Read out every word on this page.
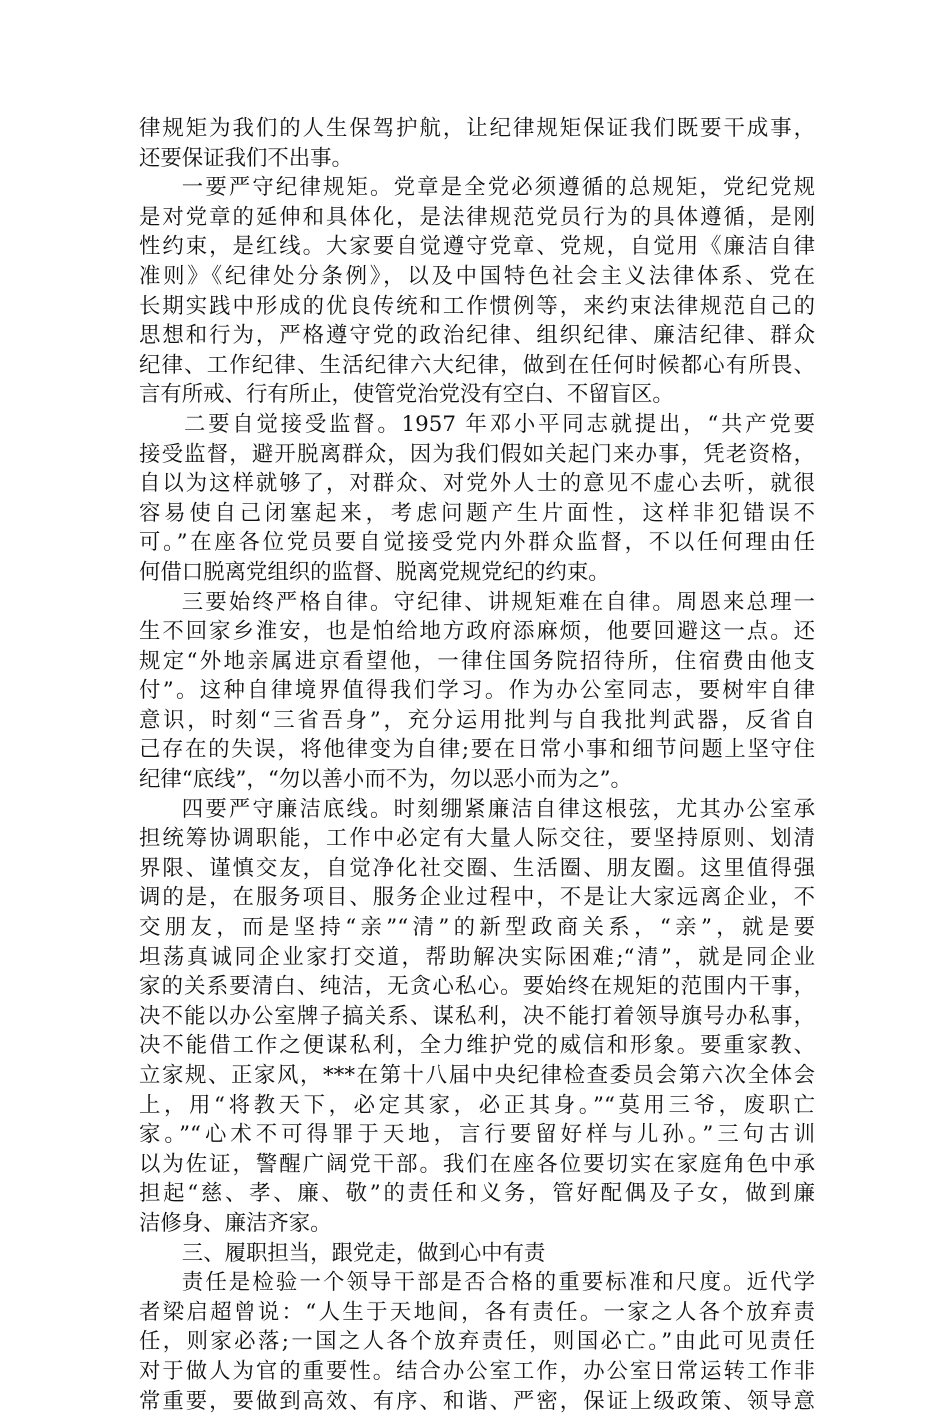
律规矩为我们的人生保驾护航，让纪律规矩保证我们既要干成事，
还要保证我们不出事。
一要严守纪律规矩。党章是全党必须遵循的总规矩，党纪党规
是对党章的延伸和具体化，是法律规范党员行为的具体遵循，是刚
性约束，是红线。大家要自觉遵守党章、党规，自觉用《廉洁自律
准则》《纪律处分条例》，以及中国特色社会主义法律体系、党在
长期实践中形成的优良传统和工作惯例等，来约束法律规范自己的
思想和行为，严格遵守党的政治纪律、组织纪律、廉洁纪律、群众
纪律、工作纪律、生活纪律六大纪律，做到在任何时候都心有所畏、
言有所戒、行有所止，使管党治党没有空白、不留盲区。
二要自觉接受监督。1957 年邓小平同志就提出，“共产党要
接受监督，避开脱离群众，因为我们假如关起门来办事，凭老资格，
自以为这样就够了，对群众、对党外人士的意见不虚心去听，就很
容易使自己闭塞起来，考虑问题产生片面性，这样非犯错误不
可。”在座各位党员要自觉接受党内外群众监督，不以任何理由任
何借口脱离党组织的监督、脱离党规党纪的约束。
三要始终严格自律。守纪律、讲规矩难在自律。周恩来总理一
生不回家乡淮安，也是怕给地方政府添麻烦，他要回避这一点。还
规定“外地亲属进京看望他，一律住国务院招待所，住宿费由他支
付”。这种自律境界值得我们学习。作为办公室同志，要树牢自律
意识，时刻“三省吾身”，充分运用批判与自我批判武器，反省自
己存在的失误，将他律变为自律;要在日常小事和细节问题上坚守住
纪律“底线”，“勿以善小而不为，勿以恶小而为之”。
四要严守廉洁底线。时刻绷紧廉洁自律这根弦，尤其办公室承
担统筹协调职能，工作中必定有大量人际交往，要坚持原则、划清
界限、谨慎交友，自觉净化社交圈、生活圈、朋友圈。这里值得强
调的是，在服务项目、服务企业过程中，不是让大家远离企业，不
交朋友，而是坚持“亲”“清”的新型政商关系，“亲”，就是要
坦荡真诚同企业家打交道，帮助解决实际困难;“清”，就是同企业
家的关系要清白、纯洁，无贪心私心。要始终在规矩的范围内干事，
决不能以办公室牌子搞关系、谋私利，决不能打着领导旗号办私事，
决不能借工作之便谋私利，全力维护党的威信和形象。要重家教、
立家规、正家风，***在第十八届中央纪律检查委员会第六次全体会
上，用“将教天下，必定其家，必正其身。”“莫用三爷，废职亡
家。”“心术不可得罪于天地，言行要留好样与儿孙。”三句古训
以为佐证，警醒广阔党干部。我们在座各位要切实在家庭角色中承
担起“慈、孝、廉、敬”的责任和义务，管好配偶及子女，做到廉
洁修身、廉洁齐家。
三、履职担当，跟党走，做到心中有责
责任是检验一个领导干部是否合格的重要标准和尺度。近代学
者梁启超曾说：“人生于天地间，各有责任。一家之人各个放弃责
任，则家必落;一国之人各个放弃责任，则国必亡。”由此可见责任
对于做人为官的重要性。结合办公室工作，办公室日常运转工作非
常重要，要做到高效、有序、和谐、严密，保证上级政策、领导意
